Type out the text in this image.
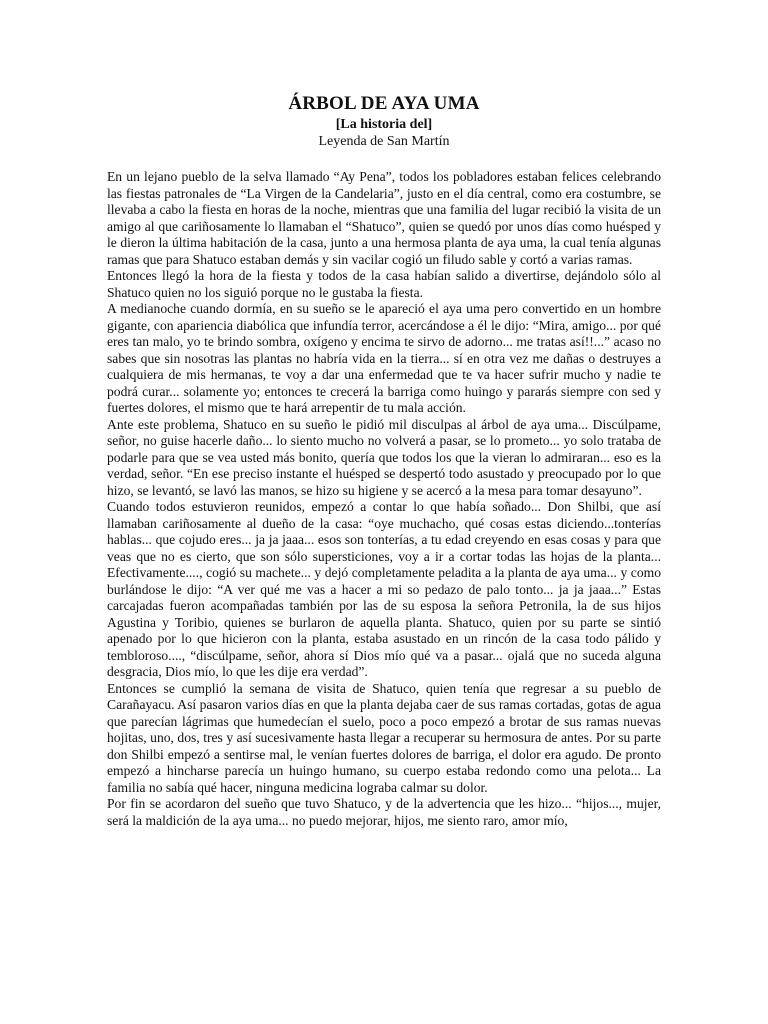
ÁRBOL DE AYA UMA

[La historia del]

Leyenda de San Martín

En un lejano pueblo de la selva llamado “Ay Pena”, todos los pobladores estaban felices celebrando las fiestas patronales de “La Virgen de la Candelaria”, justo en el día central, como era costumbre, se llevaba a cabo la fiesta en horas de la noche, mientras que una familia del lugar recibió la visita de un amigo al que cariñosamente lo llamaban el “Shatuco”, quien se quedó por unos días como huésped y le dieron la última habitación de la casa, junto a una hermosa planta de aya uma, la cual tenía algunas ramas que para Shatuco estaban demás y sin vacilar cogió un filudo sable y cortó a varias ramas.

Entonces llegó la hora de la fiesta y todos de la casa habían salido a divertirse, dejándolo sólo al Shatuco quien no los siguió porque no le gustaba la fiesta.

A medianoche cuando dormía, en su sueño se le apareció el aya uma pero convertido en un hombre gigante, con apariencia diabólica que infundía terror, acercándose a él le dijo: “Mira, amigo... por qué eres tan malo, yo te brindo sombra, oxígeno y encima te sirvo de adorno... me tratas así!!...” acaso no sabes que sin nosotras las plantas no habría vida en la tierra... sí en otra vez me dañas o destruyes a cualquiera de mis hermanas, te voy a dar una enfermedad que te va hacer sufrir mucho y nadie te podrá curar... solamente yo; entonces te crecerá la barriga como huingo y pararás siempre con sed y fuertes dolores, el mismo que te hará arrepentir de tu mala acción.

Ante este problema, Shatuco en su sueño le pidió mil disculpas al árbol de aya uma... Discúlpame, señor, no guise hacerle daño... lo siento mucho no volverá a pasar, se lo prometo... yo solo trataba de podarle para que se vea usted más bonito, quería que todos los que la vieran lo admiraran... eso es la verdad, señor. “En ese preciso instante el huésped se despertó todo asustado y preocupado por lo que hizo, se levantó, se lavó las manos, se hizo su higiene y se acercó a la mesa para tomar desayuno”.

Cuando todos estuvieron reunidos, empezó a contar lo que había soñado... Don Shilbi, que así llamaban cariñosamente al dueño de la casa: “oye muchacho, qué cosas estas diciendo...tonterías hablas... que cojudo eres... ja ja jaaa... esos son tonterías, a tu edad creyendo en esas cosas y para que veas que no es cierto, que son sólo supersticiones, voy a ir a cortar todas las hojas de la planta... Efectivamente...., cogió su machete... y dejó completamente peladita a la planta de aya uma... y como burlándose le dijo: “A ver qué me vas a hacer a mi so pedazo de palo tonto... ja ja jaaa...” Estas carcajadas fueron acompañadas también por las de su esposa la señora Petronila, la de sus hijos Agustina y Toribio, quienes se burlaron de aquella planta. Shatuco, quien por su parte se sintió apenado por lo que hicieron con la planta, estaba asustado en un rincón de la casa todo pálido y tembloroso...., “discúlpame, señor, ahora sí Dios mío qué va a pasar... ojalá que no suceda alguna desgracia, Dios mío, lo que les dije era verdad”.

Entonces se cumplió la semana de visita de Shatuco, quien tenía que regresar a su pueblo de Carañayacu. Así pasaron varios días en que la planta dejaba caer de sus ramas cortadas, gotas de agua que parecían lágrimas que humedecían el suelo, poco a poco empezó a brotar de sus ramas nuevas hojitas, uno, dos, tres y así sucesivamente hasta llegar a recuperar su hermosura de antes. Por su parte don Shilbi empezó a sentirse mal, le venían fuertes dolores de barriga, el dolor era agudo. De pronto empezó a hincharse parecía un huingo humano, su cuerpo estaba redondo como una pelota... La familia no sabía qué hacer, ninguna medicina lograba calmar su dolor.

Por fin se acordaron del sueño que tuvo Shatuco, y de la advertencia que les hizo... “hijos..., mujer, será la maldición de la aya uma... no puedo mejorar, hijos, me siento raro, amor mío,
